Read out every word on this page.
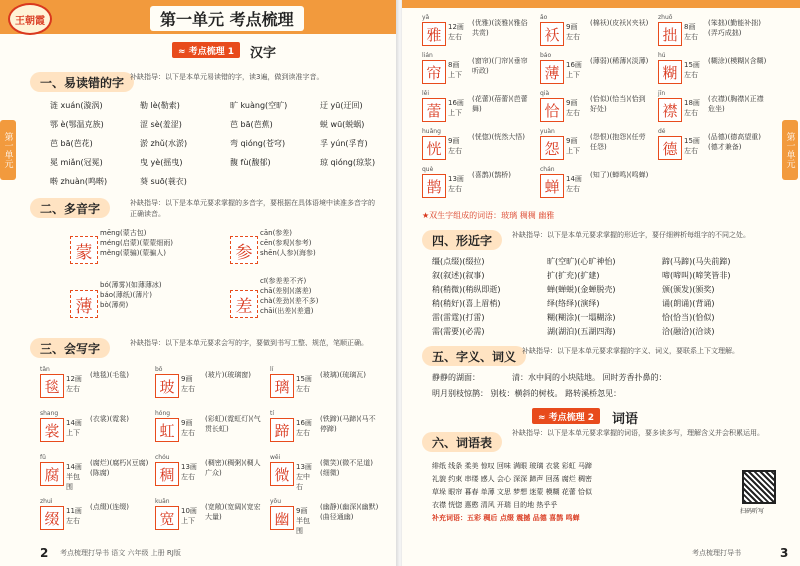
王朝霞	第一单元 考点梳理
第一单元
≈ 考点梳理 1	汉字
一、易读错的字 补缺指导：以下是本单元易读错的字，读3遍，做到读准字音。
涟 xuán(漩涡)	勒 lè(勒索)	旷 kuàng(空旷)	迂 yū(迂回)
鄂 è(鄂温克族)	涩 sè(羞涩)	芭 bā(芭蕉)	蜕 wū(蜕蜗)
芭 bā(芭花)	淤 zhǔ(水淤)	弯 qióng(苍穹)	孚 yún(孚育)
冕 miǎn(冠冕)	曳 yè(摇曳)	馥 fù(馥郁)	琼 qióng(琼浆)
啭 zhuàn(鸣啭)	葵 suō(蓑衣)
二、多音字	补缺指导：以下是本单元要求掌握的多音字，要根据在具体语境中读准多音字的正确读音。
蒙
mēng(蒙古包)
méng(启蒙)(蒙蒙细雨)
měng(蒙骗)(蒙骗人)	参
cān(参差)
cēn(参观)(参考)
shēn(人参)(海参)
薄
bó(薄雾)(如薄薄冰)
báo(薄纸)(薄片)
bò(薄荷)	差
cī(参差差不齐)
chā(差别)(落差)
chà(差劲)(差不多)
chāi(出差)(差遣)
三、会写字	补缺指导：以下是本单元要求会写的字，要做到书写工整、规范，笔顺正确。
tǎn
毯 12画 左右
(地毯)(毛毯)
bō
玻 9画 左右
(玻片)(玻璃窗)
lí
璃 15画 左右
(玻璃)(琉璃瓦)
shang
裳 14画 上下
(衣裳)(霓裳)
hóng
虹 9画 左右
(彩虹)(霓虹灯)(气贯长虹)
tí
蹄 16画 左右
(铁蹄)(马蹄)(马不停蹄)
fǔ
腐 14画 半包围
(腐烂)(腐朽)(豆腐)(陈腐)
chóu
稠 13画 左右
(稠密)(稠粥)(稠人广众)
wēi
微 13画 左中右
(微笑)(微不足道)(细微)
zhuì
缀 11画 左右
(点缀)(连缀)
kuān
宽 10画 上下
(宽敞)(宽阔)(宽宏大量)
yōu
幽 9画 半包围
(幽静)(幽深)(幽默)(曲径通幽)
2 考点梳理打导书 语文 六年级 上册 RJ版
第一单元
yǎ
雅 12画 左右
(优雅)(淡雅)(雅俗共赏)
ǎo
袄 9画 左右
(棉袄)(皮袄)(夹袄)
zhuō
拙 8画 左右
(笨拙)(勤能补拙)(弄巧成拙)
lián
帘 8画 上下
(窗帘)(门帘)(垂帘听政)
báo
薄 16画 上下
(薄弱)(稀薄)(淡薄)
hú
糊 15画 左右
(糊涂)(模糊)(含糊)
lěi
蕾 16画 上下
(花蕾)(蓓蕾)(芭蕾舞)
qià
恰 9画 左右
(恰似)(恰当)(恰到好处)
jīn
襟 18画 左右
(衣襟)(胸襟)(正襟危坐)
huǎng
恍 9画 左右
(恍惚)(恍然大悟)
yuàn
怨 9画 上下
(怨恨)(抱怨)(任劳任怨)
dé
德 15画 左右
(品德)(德高望重)(德才兼备)
què
鹊 13画 左右
(喜鹊)(鹊桥)
chán
蝉 14画 左右
(知了)(蝉鸣)(鸣蝉)
★双生字组成的词语：玻璃 稠稠 幽雅
四、形近字	补缺指导：以下是本单元要求掌握的形近字，要仔细辨析每组字的不同之处。
缰(点缀)(缀拉)	旷(空旷)(心旷神怡)	蹄(马蹄)(马失前蹄)
叙(叙述)(叙事)	扩(扩充)(扩建)	啼(啼叫)(啼笑皆非)
稍(稍微)(稍纵即逝)	蝉(蝉蜕)(金蝉脱壳)	颁(颁发)(颁奖)
稍(稍好)(喜上眉梢)	绎(络绎)(演绎)	诵(朗诵)(背诵)
雷(雷霆)(打雷)	糊(糊涂)(一塌糊涂)	恰(恰当)(恰似)
需(需要)(必需)	湖(湖泊)(五湖四海)	洽(融洽)(洽谈)
五、字义、词义 补缺指导：以下是本单元要求掌握的字义、词义，要联系上下文理解。
静静的湖面：	清：水中间的小块陆地。 回时芳香扑鼻的：
明月别枝惊鹊： 别枝：横斜的树枝。 路转溪桥忽见：
≈ 考点梳理 2	词语
六、词语表
补缺指导：以下是本单元要求掌握的词语，要多读多写，理解含义并会积累运用。
绯纸 线条 柔美 惊叹 回味 满眼 玻璃 衣裳 彩虹 马蹄
礼貌 约束 串缕 感人 会心 深深 蹄声 回荡 腐烂 稠密
草垛 眼帘 暮春 单薄 文思 梦想 迷蒙 模糊 花蕾 恰似
衣襟 恍惚 惠憨 清风 开瑞 目的地 热乎乎
补充词语：五彩 稠后 点缀 震撼 品德 喜鹊 鸣蝉
扫码听写
考点梳理打导书	3
